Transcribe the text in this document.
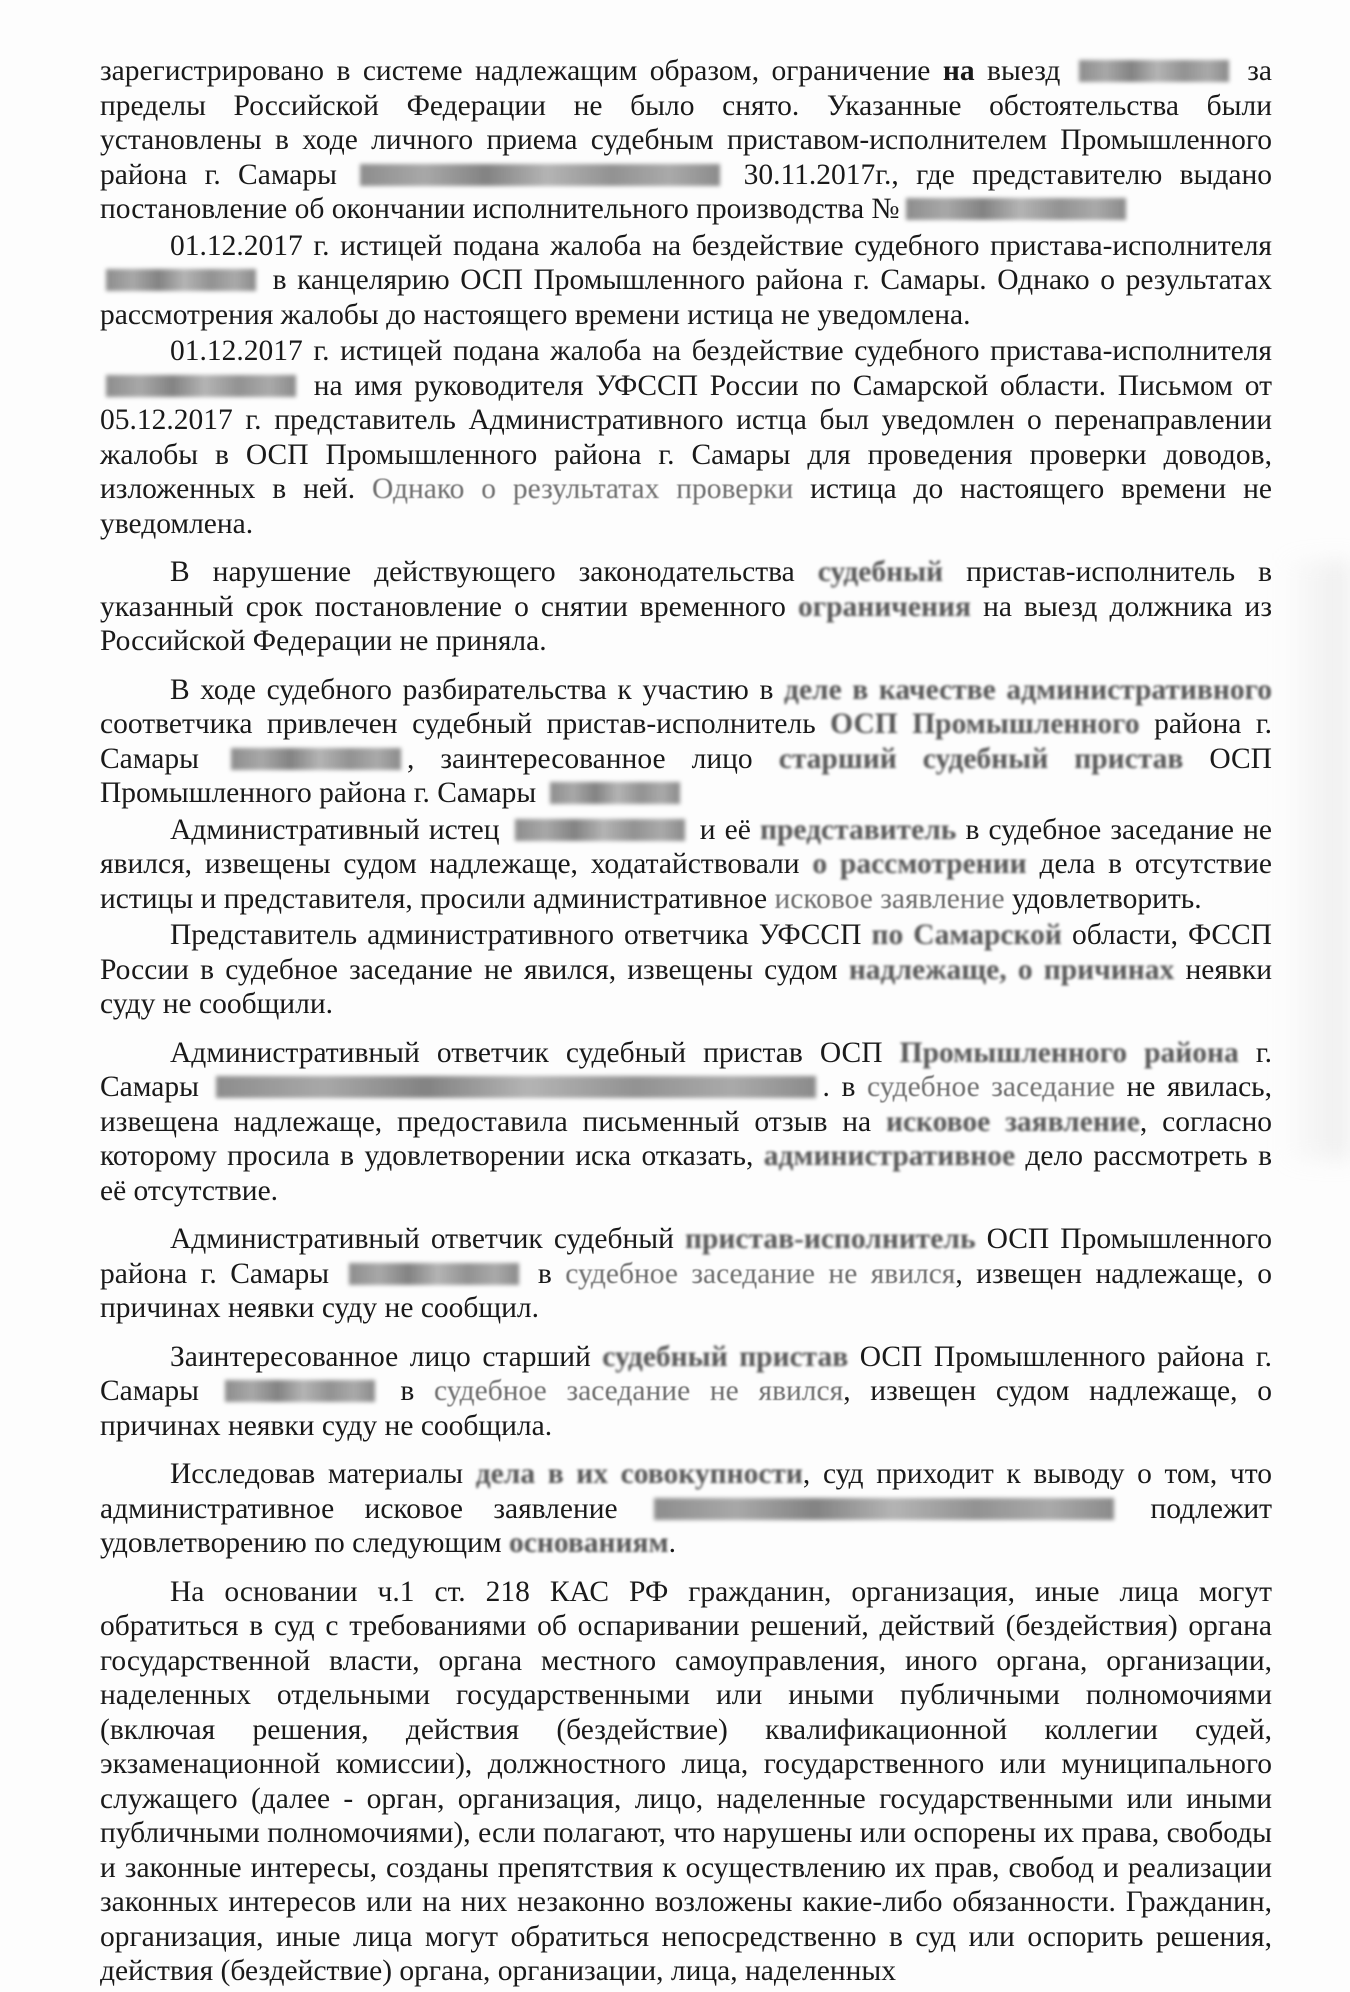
зарегистрировано в системе надлежащим образом, ограничение на выезд	за пределы Российской Федерации не было снято. Указанные обстоятельства были установлены в ходе личного приема судебным приставом-исполнителем Промышленного района г. Самары	30.11.2017г., где представителю выдано постановление об окончании исполнительного производства №

01.12.2017 г. истицей подана жалоба на бездействие судебного пристава-исполнителя  в канцелярию ОСП Промышленного района г. Самары. Однако о результатах рассмотрения жалобы до настоящего времени истица не уведомлена.

01.12.2017 г. истицей подана жалоба на бездействие судебного пристава-исполнителя  на имя руководителя УФССП России по Самарской области. Письмом от 05.12.2017 г. представитель Административного истца был уведомлен о перенаправлении жалобы в ОСП Промышленного района г. Самары для проведения проверки доводов, изложенных в ней. Однако о результатах проверки истица до настоящего времени не уведомлена.

В нарушение действующего законодательства судебный пристав-исполнитель в указанный срок постановление о снятии временного ограничения на выезд должника из Российской Федерации не приняла.

В ходе судебного разбирательства к участию в деле в качестве административного соответчика привлечен судебный пристав-исполнитель ОСП Промышленного района г. Самары	, заинтересованное лицо старший судебный пристав ОСП Промышленного района г. Самары

Административный истец	и её представитель в судебное заседание не явился, извещены судом надлежаще, ходатайствовали о рассмотрении дела в отсутствие истицы и представителя, просили административное исковое заявление удовлетворить.

Представитель административного ответчика УФССП по Самарской области, ФССП России в судебное заседание не явился, извещены судом надлежаще, о причинах неявки суду не сообщили.

Административный ответчик судебный пристав ОСП Промышленного района г. Самары	. в судебное заседание не явилась, извещена надлежаще, предоставила письменный отзыв на исковое заявление, согласно которому просила в удовлетворении иска отказать, административное дело рассмотреть в её отсутствие.

Административный ответчик судебный пристав-исполнитель ОСП Промышленного района г. Самары	в судебное заседание не явился, извещен надлежаще, о причинах неявки суду не сообщил.

Заинтересованное лицо старший судебный пристав ОСП Промышленного района г. Самары	в судебное заседание не явился, извещен судом надлежаще, о причинах неявки суду не сообщила.

Исследовав материалы дела в их совокупности, суд приходит к выводу о том, что административное исковое заявление	подлежит удовлетворению по следующим основаниям.

На основании ч.1 ст. 218 КАС РФ гражданин, организация, иные лица могут обратиться в суд с требованиями об оспаривании решений, действий (бездействия) органа государственной власти, органа местного самоуправления, иного органа, организации, наделенных отдельными государственными или иными публичными полномочиями (включая решения, действия (бездействие) квалификационной коллегии судей, экзаменационной комиссии), должностного лица, государственного или муниципального служащего (далее - орган, организация, лицо, наделенные государственными или иными публичными полномочиями), если полагают, что нарушены или оспорены их права, свободы и законные интересы, созданы препятствия к осуществлению их прав, свобод и реализации законных интересов или на них незаконно возложены какие-либо обязанности. Гражданин, организация, иные лица могут обратиться непосредственно в суд или оспорить решения, действия (бездействие) органа, организации, лица, наделенных
